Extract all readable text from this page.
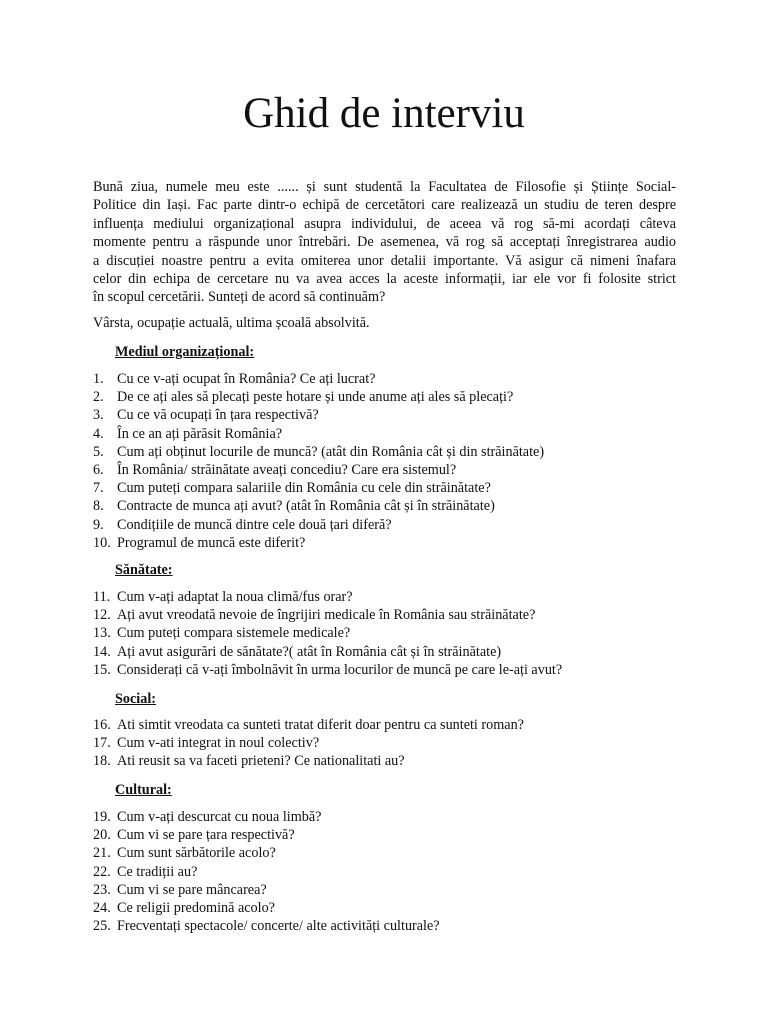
Ghid de interviu

Bună ziua, numele meu este ...... și sunt studentă la Facultatea de Filosofie și Științe Social-
Politice din Iași. Fac parte dintr-o echipă de cercetători care realizează un studiu de teren despre
influența mediului organizațional asupra individului, de aceea vă rog să-mi acordați câteva
momente pentru a răspunde unor întrebări. De asemenea, vă rog să acceptați înregistrarea audio
a discuției noastre pentru a evita omiterea unor detalii importante. Vă asigur că nimeni înafara
celor din echipa de cercetare nu va avea acces la aceste informații, iar ele vor fi folosite strict
în scopul cercetării. Sunteți de acord să continuăm?

Vârsta, ocupație actuală, ultima școală absolvită.

Mediul organizațional:
1. Cu ce v-ați ocupat în România? Ce ați lucrat?
2. De ce ați ales să plecați peste hotare și unde anume ați ales să plecați?
3. Cu ce vă ocupați în țara respectivă?
4. În ce an ați părăsit România?
5. Cum ați obținut locurile de muncă? (atât din România cât și din străinătate)
6. În România/ străinătate aveați concediu? Care era sistemul?
7. Cum puteți compara salariile din România cu cele din străinătate?
8. Contracte de munca ați avut? (atât în România cât și în străinătate)
9. Condițiile de muncă dintre cele două țari diferă?
10. Programul de muncă este diferit?
Sănătate:
11. Cum v-ați adaptat la noua climă/fus orar?
12. Ați avut vreodată nevoie de îngrijiri medicale în România sau străinătate?
13. Cum puteți compara sistemele medicale?
14. Ați avut asigurări de sănătate?( atât în România cât și în străinătate)
15. Considerați că v-ați îmbolnăvit în urma locurilor de muncă pe care le-ați avut?
Social:
16. Ati simtit vreodata ca sunteti tratat diferit doar pentru ca sunteti roman?
17. Cum v-ati integrat in noul colectiv?
18. Ati reusit sa va faceti prieteni? Ce nationalitati au?
Cultural:
19. Cum v-ați descurcat cu noua limbă?
20. Cum vi se pare țara respectivă?
21. Cum sunt sărbătorile acolo?
22. Ce tradiții au?
23. Cum vi se pare mâncarea?
24. Ce religii predomină acolo?
25. Frecventați spectacole/ concerte/ alte activități culturale?
